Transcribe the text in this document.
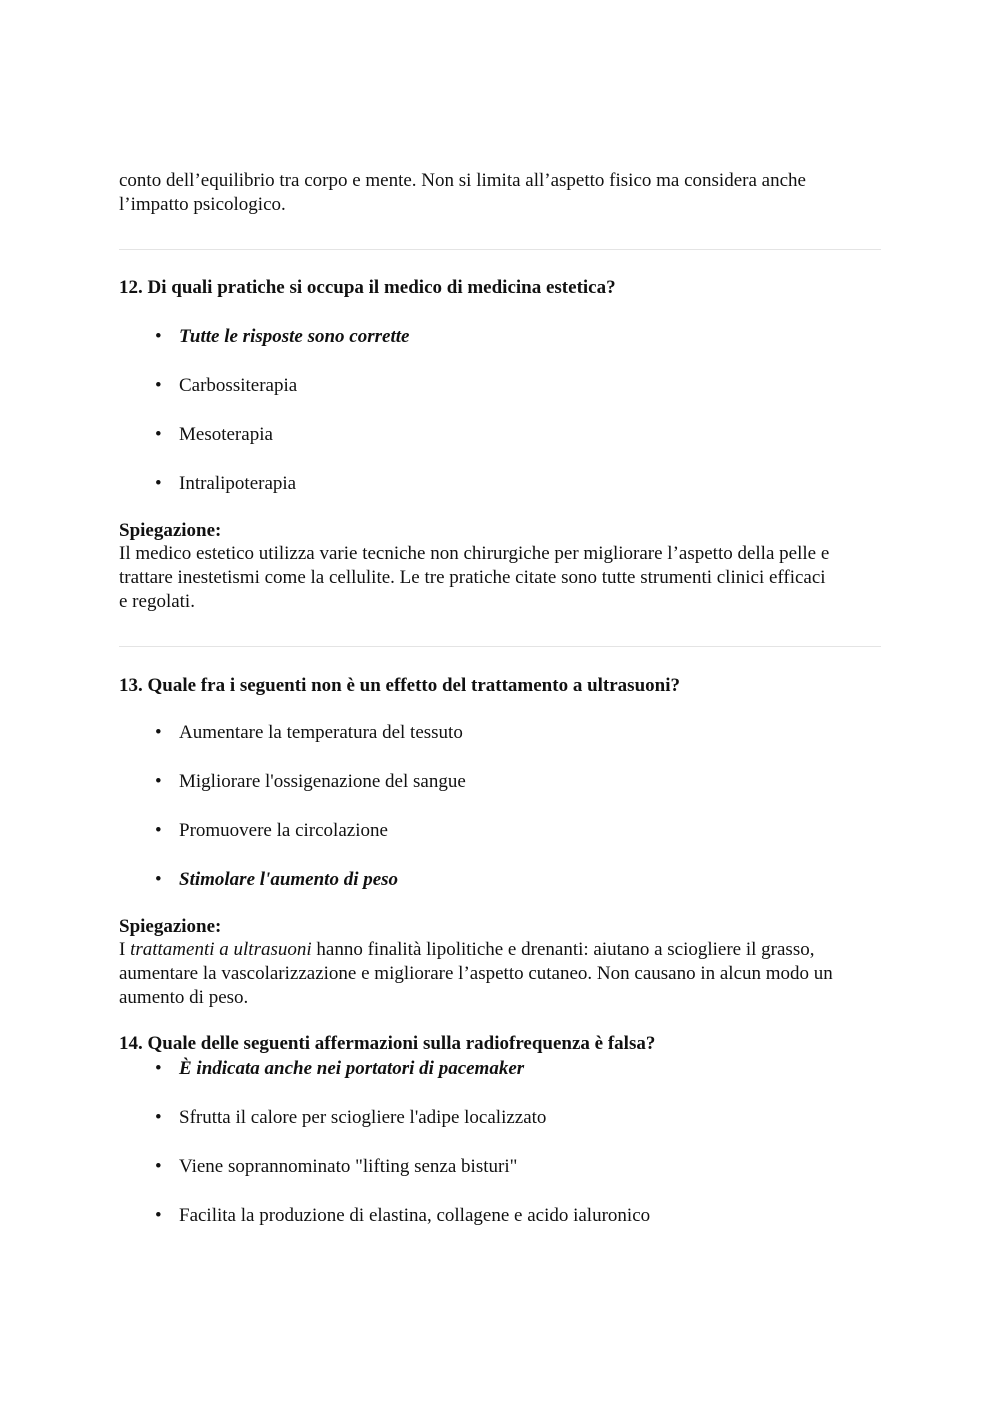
conto dell’equilibrio tra corpo e mente. Non si limita all’aspetto fisico ma considera anche
l’impatto psicologico.

12. Di quali pratiche si occupa il medico di medicina estetica?

• Tutte le risposte sono corrette

• Carbossiterapia

• Mesoterapia

• Intralipoterapia

Spiegazione:

Il medico estetico utilizza varie tecniche non chirurgiche per migliorare l’aspetto della pelle e
trattare inestetismi come la cellulite. Le tre pratiche citate sono tutte strumenti clinici efficaci
e regolati.

13. Quale fra i seguenti non è un effetto del trattamento a ultrasuoni?

• Aumentare la temperatura del tessuto

• Migliorare l'ossigenazione del sangue

• Promuovere la circolazione

• Stimolare l'aumento di peso

Spiegazione:

I trattamenti a ultrasuoni hanno finalità lipolitiche e drenanti: aiutano a sciogliere il grasso,
aumentare la vascolarizzazione e migliorare l’aspetto cutaneo. Non causano in alcun modo un
aumento di peso.

14. Quale delle seguenti affermazioni sulla radiofrequenza è falsa?

• È indicata anche nei portatori di pacemaker

• Sfrutta il calore per sciogliere l'adipe localizzato

• Viene soprannominato "lifting senza bisturi"

• Facilita la produzione di elastina, collagene e acido ialuronico
